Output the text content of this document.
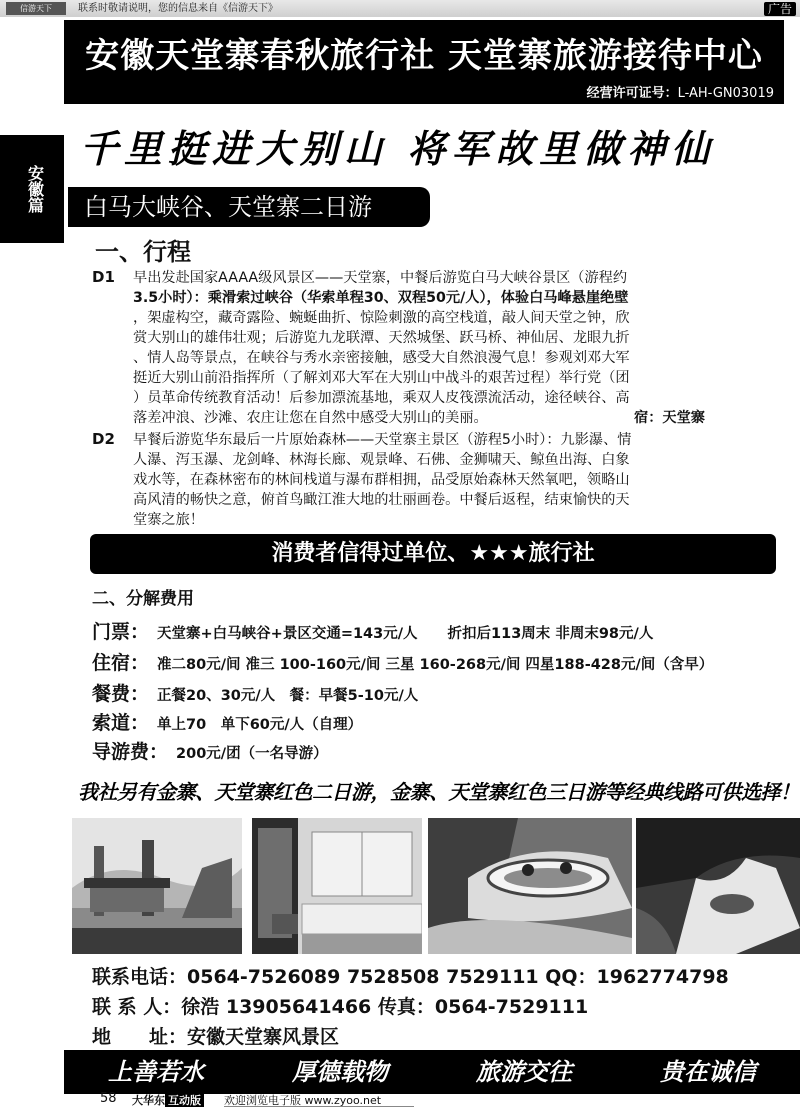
信游天下	联系时敬请说明，您的信息来自《信游天下》	广告
安徽天堂寨春秋旅行社 天堂寨旅游接待中心
经营许可证号：L-AH-GN03019
安徽篇
千里挺进大别山 将军故里做神仙
白马大峡谷、天堂寨二日游
一、行程
D1 早出发赴国家AAAA级风景区——天堂寨，中餐后游览白马大峡谷景区（游程约
3.5小时）：乘滑索过峡谷（华索单程30、双程50元/人），体验白马峰悬崖绝壁
，架虚构空，藏奇露险、蜿蜒曲折、惊险刺激的高空栈道，敲人间天堂之钟，欣
赏大别山的雄伟壮观；后游览九龙联潭、天然城堡、跃马桥、神仙居、龙眼九折
、情人岛等景点，在峡谷与秀水亲密接触，感受大自然浪漫气息！参观刘邓大军
挺近大别山前沿指挥所（了解刘邓大军在大别山中战斗的艰苦过程）举行党（团
）员革命传统教育活动！后参加漂流基地，乘双人皮筏漂流活动，途径峡谷、高
落差冲浪、沙滩、农庄让您在自然中感受大别山的美丽。	宿：天堂寨
D2 早餐后游览华东最后一片原始森林——天堂寨主景区（游程5小时）：九影瀑、情
人瀑、泻玉瀑、龙剑峰、林海长廊、观景峰、石佛、金狮啸天、鲸鱼出海、白象
戏水等，在森林密布的林间栈道与瀑布群相拥，品受原始森林天然氧吧，领略山
高风清的畅快之意，俯首鸟瞰江淮大地的壮丽画卷。中餐后返程，结束愉快的天
堂寨之旅！
消费者信得过单位、★★★旅行社
二、分解费用
门票： 天堂寨+白马峡谷+景区交通=143元/人 折扣后113周末 非周末98元/人
住宿： 准二80元/间 准三 100-160元/间 三星 160-268元/间 四星188-428元/间（含早）
餐费： 正餐20、30元/人　餐：早餐5-10元/人
索道： 单上70　单下60元/人（自理）
导游费： 200元/团（一名导游）
我社另有金寨、天堂寨红色二日游，金寨、天堂寨红色三日游等经典线路可供选择！
联系电话：0564-7526089 7528508 7529111 QQ：1962774798
联 系 人：徐浩 13905641466 传真：0564-7529111
地　　址：安徽天堂寨风景区
上善若水	厚德载物	旅游交往	贵在诚信
58 大华东 互动版 欢迎浏览电子版 www.zyoo.net
